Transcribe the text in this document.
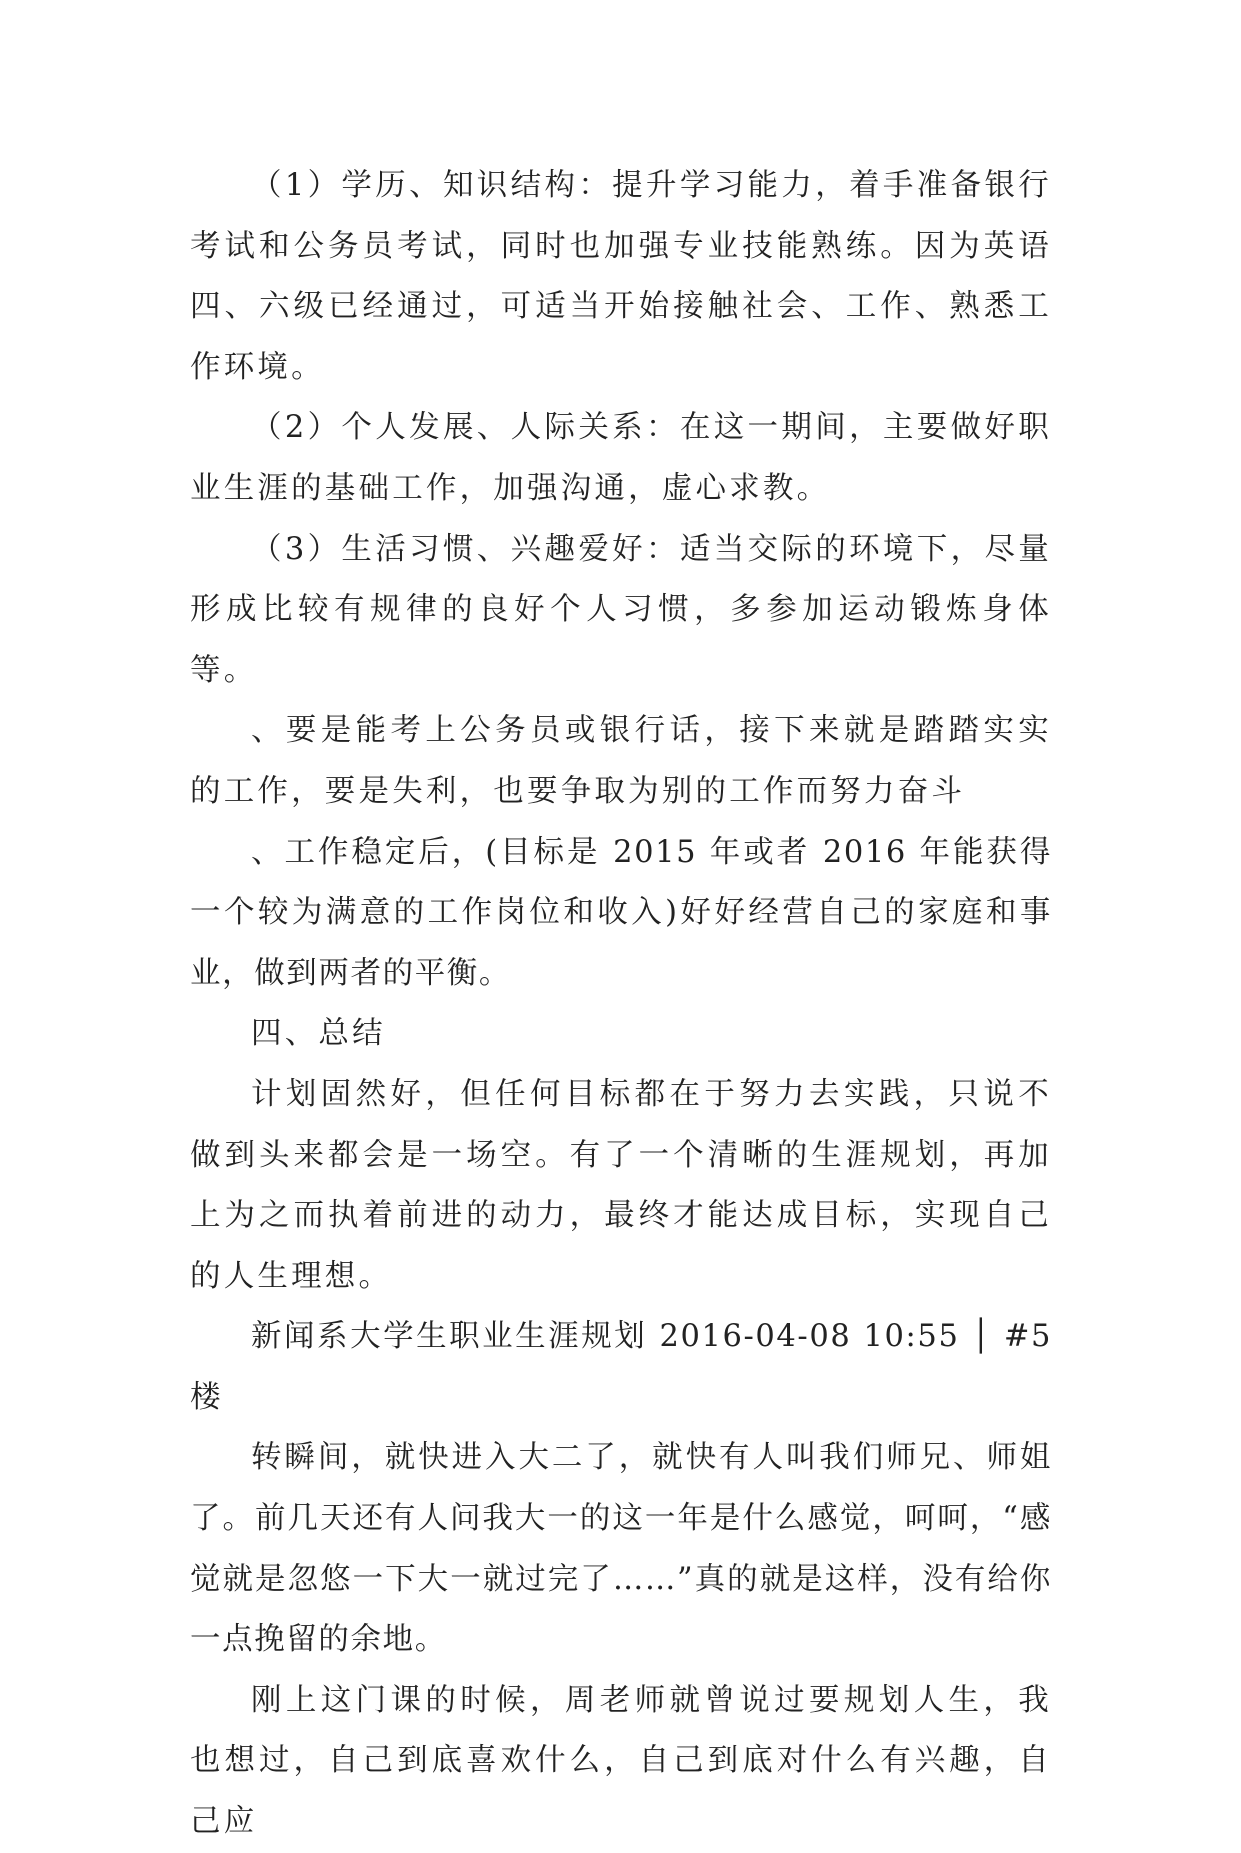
（1）学历、知识结构：提升学习能力，着手准备银行考试和公务员考试，同时也加强专业技能熟练。因为英语四、六级已经通过，可适当开始接触社会、工作、熟悉工作环境。

（2）个人发展、人际关系：在这一期间，主要做好职业生涯的基础工作，加强沟通，虚心求教。

（3）生活习惯、兴趣爱好：适当交际的环境下，尽量形成比较有规律的良好个人习惯，多参加运动锻炼身体等。

、要是能考上公务员或银行话，接下来就是踏踏实实的工作，要是失利，也要争取为别的工作而努力奋斗

、工作稳定后，(目标是 2015 年或者 2016 年能获得一个较为满意的工作岗位和收入)好好经营自己的家庭和事业，做到两者的平衡。

四、总结

计划固然好，但任何目标都在于努力去实践，只说不做到头来都会是一场空。有了一个清晰的生涯规划，再加上为之而执着前进的动力，最终才能达成目标，实现自己的人生理想。

新闻系大学生职业生涯规划 2016-04-08 10:55 │ #5 楼

转瞬间，就快进入大二了，就快有人叫我们师兄、师姐了。前几天还有人问我大一的这一年是什么感觉，呵呵，“感觉就是忽悠一下大一就过完了……”真的就是这样，没有给你一点挽留的余地。

刚上这门课的时候，周老师就曾说过要规划人生，我也想过，自己到底喜欢什么，自己到底对什么有兴趣，自己应
